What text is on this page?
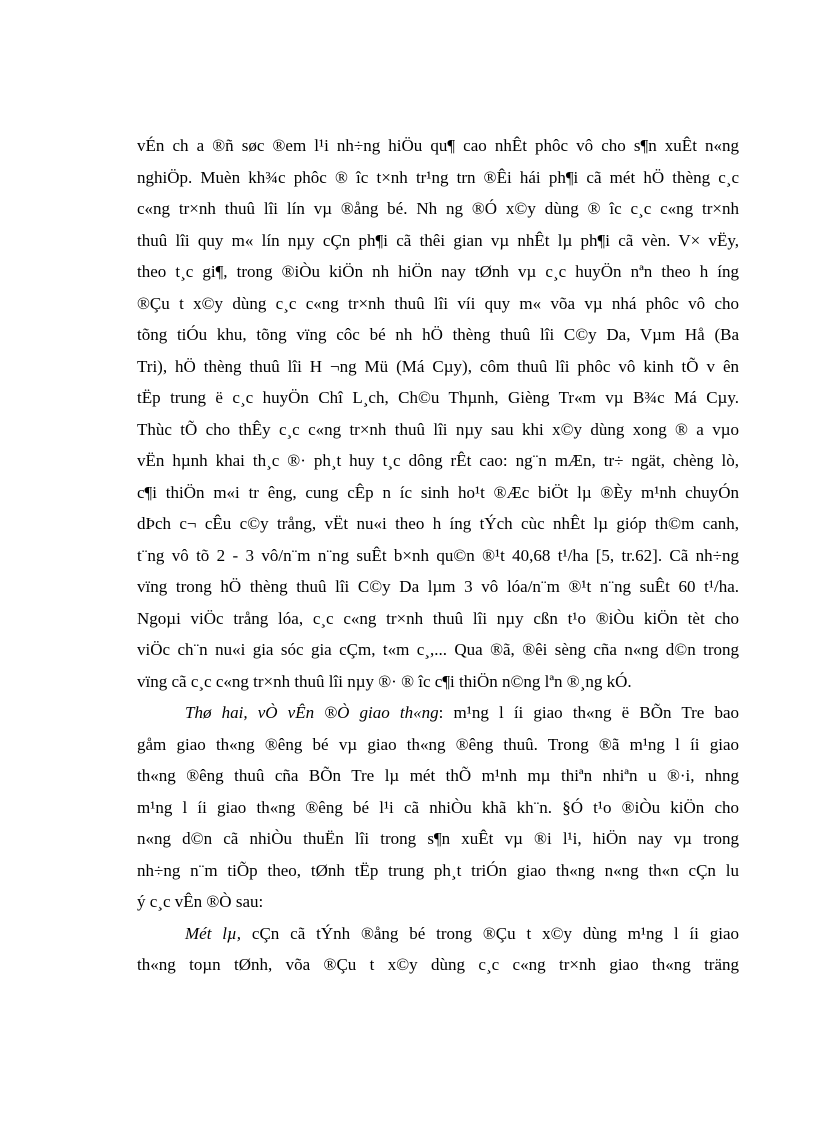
vÉn ch a ®ñ søc ®em l¹i nh÷ng hiÖu qu¶ cao nhÊt phôc vô cho s¶n xuÊt n«ng
nghiÖp. Muèn kh¾c phôc ® îc t×nh tr¹ng trn ®Êi hái ph¶i cã mét hÖ thèng c¸c
c«ng tr×nh thuû lîi lín vµ ®ång bé. Nh ng ®Ó x©y dùng ® îc c¸c c«ng tr×nh
thuû lîi quy m« lín nµy cÇn ph¶i cã thêi gian vµ nhÊt lµ ph¶i cã vèn. V× vËy,
theo t¸c gi¶, trong ®iÒu kiÖn nh hiÖn nay tØnh vµ c¸c huyÖn nªn theo h íng
®Çu t x©y dùng c¸c c«ng tr×nh thuû lîi víi quy m« võa vµ nhá phôc vô cho
tõng tiÓu khu, tõng vïng côc bé nh hÖ thèng thuû lîi C©y Da, Vµm Hå (Ba
Tri), hÖ thèng thuû lîi H ¬ng Mü (Má Cµy), côm thuû lîi phôc vô kinh tÕ v ên
tËp trung ë c¸c huyÖn Chî L¸ch, Ch©u Thµnh, Gièng Tr«m vµ B¾c Má Cµy.
Thùc tÕ cho thÊy c¸c c«ng tr×nh thuû lîi nµy sau khi x©y dùng xong ® a vµo
vËn hµnh khai th¸c ®· ph¸t huy t¸c dông rÊt cao: ng¨n mÆn, tr÷ ngät, chèng lò,
c¶i thiÖn m«i tr êng, cung cÊp n íc sinh ho¹t ®Æc biÖt lµ ®Èy m¹nh chuyÓn
dÞch c¬ cÊu c©y trång, vËt nu«i theo h íng tÝch cùc nhÊt lµ gióp th©m canh,
t¨ng vô tõ 2 - 3 vô/n¨m n¨ng suÊt b×nh qu©n ®¹t 40,68 t¹/ha [5, tr.62]. Cã nh÷ng
vïng trong hÖ thèng thuû lîi C©y Da lµm 3 vô lóa/n¨m ®¹t n¨ng suÊt 60 t¹/ha.
Ngoµi viÖc trång lóa, c¸c c«ng tr×nh thuû lîi nµy cßn t¹o ®iÒu kiÖn tèt cho
viÖc ch¨n nu«i gia sóc gia cÇm, t«m c¸,... Qua ®ã, ®êi sèng cña n«ng d©n trong
vïng cã c¸c c«ng tr×nh thuû lîi nµy ®· ® îc c¶i thiÖn n©ng lªn ®¸ng kÓ.
Thø hai, vÒ vÊn ®Ò giao th«ng: m¹ng l íi giao th«ng ë BÕn Tre bao
gåm giao th«ng ®êng bé vµ giao th«ng ®êng thuû. Trong ®ã m¹ng l íi giao
th«ng ®êng thuû cña BÕn Tre lµ mét thÕ m¹nh mµ thiªn nhiªn u ®·i, nhng
m¹ng l íi giao th«ng ®êng bé l¹i cã nhiÒu khã kh¨n. §Ó t¹o ®iÒu kiÖn cho
n«ng d©n cã nhiÒu thuËn lîi trong s¶n xuÊt vµ ®i l¹i, hiÖn nay vµ trong
nh÷ng n¨m tiÕp theo, tØnh tËp trung ph¸t triÓn giao th«ng n«ng th«n cÇn lu
ý c¸c vÊn ®Ò sau:
Mét lµ, cÇn cã tÝnh ®ång bé trong ®Çu t x©y dùng m¹ng l íi giao
th«ng toµn tØnh, võa ®Çu t x©y dùng c¸c c«ng tr×nh giao th«ng träng
